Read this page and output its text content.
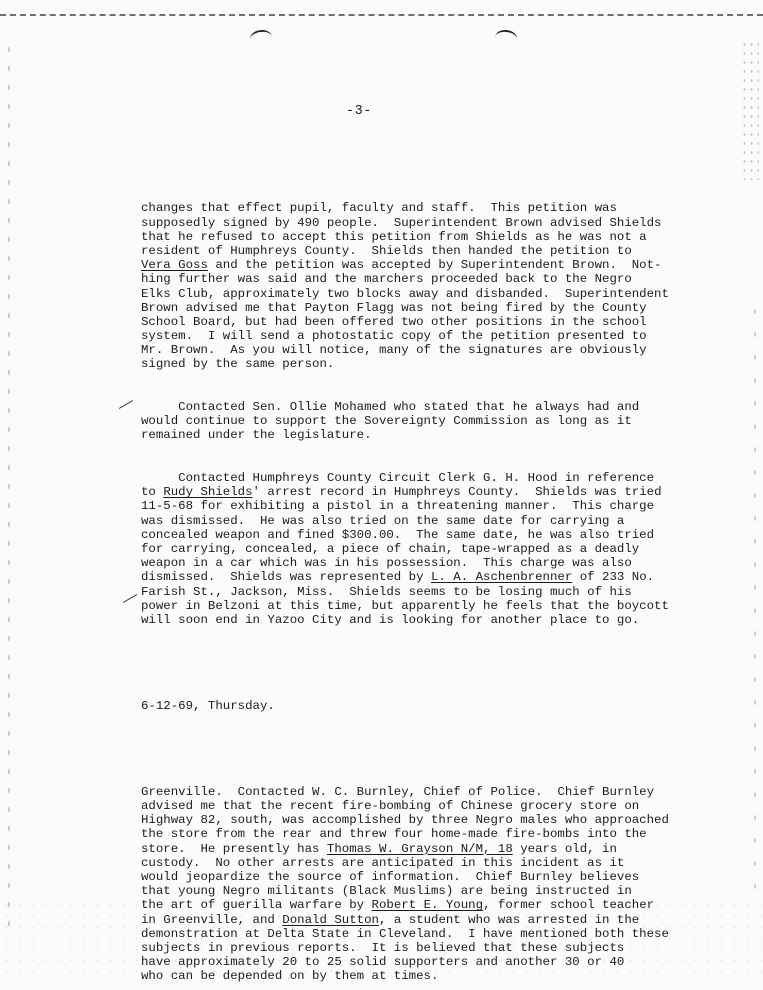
-3-

changes that effect pupil, faculty and staff.  This petition was
supposedly signed by 490 people.  Superintendent Brown advised Shields
that he refused to accept this petition from Shields as he was not a
resident of Humphreys County.  Shields then handed the petition to
Vera Goss and the petition was accepted by Superintendent Brown.  Not-
hing further was said and the marchers proceeded back to the Negro
Elks Club, approximately two blocks away and disbanded.  Superintendent
Brown advised me that Payton Flagg was not being fired by the County
School Board, but had been offered two other positions in the school
system.  I will send a photostatic copy of the petition presented to
Mr. Brown.  As you will notice, many of the signatures are obviously
signed by the same person.

Contacted Sen. Ollie Mohamed who stated that he always had and
would continue to support the Sovereignty Commission as long as it
remained under the legislature.

Contacted Humphreys County Circuit Clerk G. H. Hood in reference
to Rudy Shields' arrest record in Humphreys County.  Shields was tried
11-5-68 for exhibiting a pistol in a threatening manner.  This charge
was dismissed.  He was also tried on the same date for carrying a
concealed weapon and fined $300.00.  The same date, he was also tried
for carrying, concealed, a piece of chain, tape-wrapped as a deadly
weapon in a car which was in his possession.  This charge was also
dismissed.  Shields was represented by L. A. Aschenbrenner of 233 No.
Farish St., Jackson, Miss.  Shields seems to be losing much of his
power in Belzoni at this time, but apparently he feels that the boycott
will soon end in Yazoo City and is looking for another place to go.

6-12-69, Thursday.

Greenville.  Contacted W. C. Burnley, Chief of Police.  Chief Burnley
advised me that the recent fire-bombing of Chinese grocery store on
Highway 82, south, was accomplished by three Negro males who approached
the store from the rear and threw four home-made fire-bombs into the
store.  He presently has Thomas W. Grayson N/M, 18 years old, in
custody.  No other arrests are anticipated in this incident as it
would jeopardize the source of information.  Chief Burnley believes
that young Negro militants (Black Muslims) are being instructed in
the art of guerilla warfare by Robert E. Young, former school teacher
in Greenville, and Donald Sutton, a student who was arrested in the
demonstration at Delta State in Cleveland.  I have mentioned both these
subjects in previous reports.  It is believed that these subjects
have approximately 20 to 25 solid supporters and another 30 or 40
who can be depended on by them at times.
